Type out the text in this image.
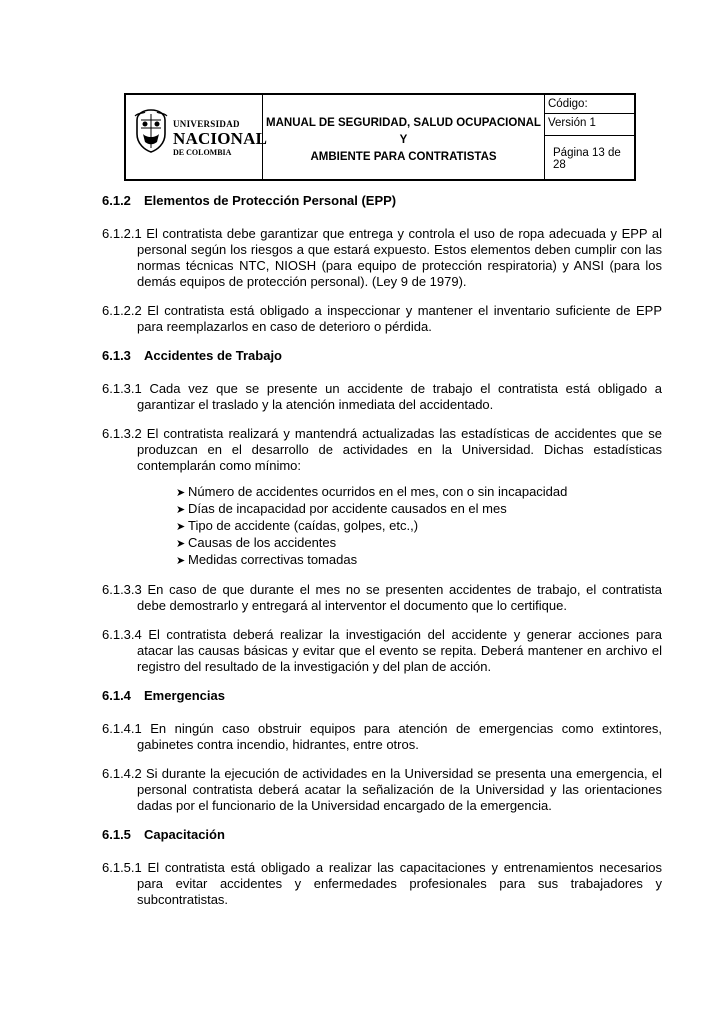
UNIVERSIDAD
NACIONAL
DE COLOMBIA
MANUAL DE SEGURIDAD, SALUD OCUPACIONAL Y
AMBIENTE PARA CONTRATISTAS
Código:
Versión 1
Página 13 de 28
6.1.2 Elementos de Protección Personal (EPP)
6.1.2.1 El contratista debe garantizar que entrega y controla el uso de ropa adecuada y EPP al personal según los riesgos a que estará expuesto. Estos elementos deben cumplir con las normas técnicas NTC, NIOSH (para equipo de protección respiratoria) y ANSI (para los demás equipos de protección personal). (Ley 9 de 1979).
6.1.2.2 El contratista está obligado a inspeccionar y mantener el inventario suficiente de EPP para reemplazarlos en caso de deterioro o pérdida.
6.1.3 Accidentes de Trabajo
6.1.3.1 Cada vez que se presente un accidente de trabajo el contratista está obligado a garantizar el traslado y la atención inmediata del accidentado.
6.1.3.2 El contratista realizará y mantendrá actualizadas las estadísticas de accidentes que se produzcan en el desarrollo de actividades en la Universidad. Dichas estadísticas contemplarán como mínimo:
➤ Número de accidentes ocurridos en el mes, con o sin incapacidad
➤ Días de incapacidad por accidente causados en el mes
➤ Tipo de accidente (caídas, golpes, etc.,)
➤ Causas de los accidentes
➤ Medidas correctivas tomadas
6.1.3.3 En caso de que durante el mes no se presenten accidentes de trabajo, el contratista debe demostrarlo y entregará al interventor el documento que lo certifique.
6.1.3.4 El contratista deberá realizar la investigación del accidente y generar acciones para atacar las causas básicas y evitar que el evento se repita. Deberá mantener en archivo el registro del resultado de la investigación y del plan de acción.
6.1.4 Emergencias
6.1.4.1 En ningún caso obstruir equipos para atención de emergencias como extintores, gabinetes contra incendio, hidrantes, entre otros.
6.1.4.2 Si durante la ejecución de actividades en la Universidad se presenta una emergencia, el personal contratista deberá acatar la señalización de la Universidad y las orientaciones dadas por el funcionario de la Universidad encargado de la emergencia.
6.1.5 Capacitación
6.1.5.1 El contratista está obligado a realizar las capacitaciones y entrenamientos necesarios para evitar accidentes y enfermedades profesionales para sus trabajadores y subcontratistas.
